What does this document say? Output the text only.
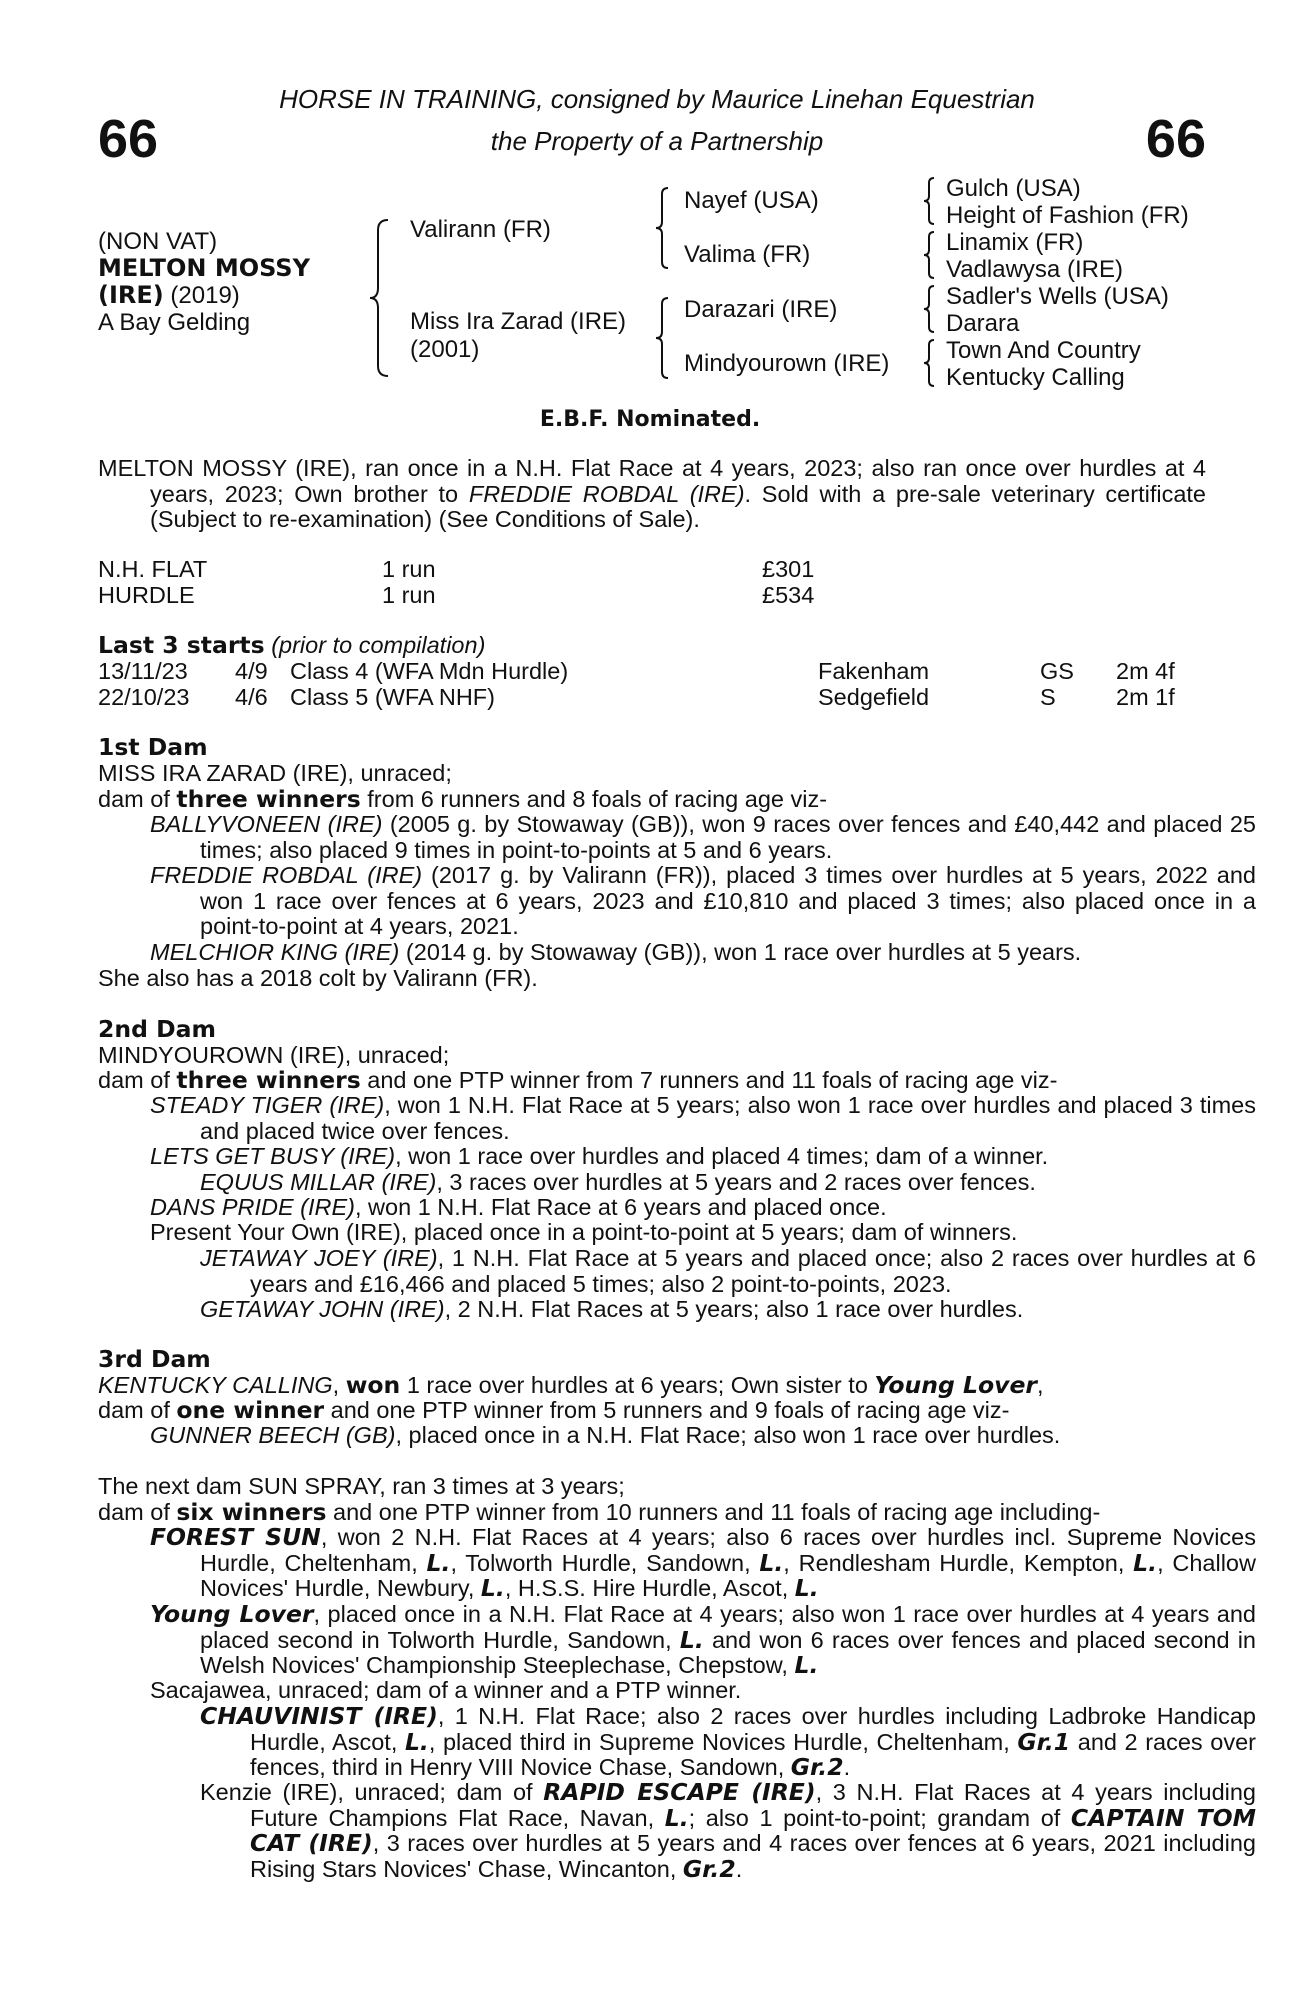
66	66
HORSE IN TRAINING, consigned by Maurice Linehan Equestrian
the Property of a Partnership
(NON VAT)
MELTON MOSSY
(IRE) (2019)
A Bay Gelding
Valirann (FR)
Miss Ira Zarad (IRE)
(2001)
Nayef (USA)
Valima (FR)
Darazari (IRE)
Mindyourown (IRE)
Gulch (USA)
Height of Fashion (FR)
Linamix (FR)
Vadlawysa (IRE)
Sadler's Wells (USA)
Darara
Town And Country
Kentucky Calling
E.B.F. Nominated.
MELTON MOSSY (IRE), ran once in a N.H. Flat Race at 4 years, 2023; also ran once over hurdles at 4 years, 2023; Own brother to FREDDIE ROBDAL (IRE). Sold with a pre-sale veterinary certificate (Subject to re-examination) (See Conditions of Sale).
N.H. FLAT	1 run	£301
HURDLE	1 run	£534
Last 3 starts (prior to compilation)
13/11/23 4/9 Class 4 (WFA Mdn Hurdle)	Fakenham	GS 2m 4f
22/10/23 4/6 Class 5 (WFA NHF)	Sedgefield	S	2m 1f
1st Dam
MISS IRA ZARAD (IRE), unraced;
dam of three winners from 6 runners and 8 foals of racing age viz-
BALLYVONEEN (IRE) (2005 g. by Stowaway (GB)), won 9 races over fences and £40,442 and placed 25 times; also placed 9 times in point-to-points at 5 and 6 years.
FREDDIE ROBDAL (IRE) (2017 g. by Valirann (FR)), placed 3 times over hurdles at 5 years, 2022 and won 1 race over fences at 6 years, 2023 and £10,810 and placed 3 times; also placed once in a point-to-point at 4 years, 2021.
MELCHIOR KING (IRE) (2014 g. by Stowaway (GB)), won 1 race over hurdles at 5 years.
She also has a 2018 colt by Valirann (FR).
2nd Dam
MINDYOUROWN (IRE), unraced;
dam of three winners and one PTP winner from 7 runners and 11 foals of racing age viz-
STEADY TIGER (IRE), won 1 N.H. Flat Race at 5 years; also won 1 race over hurdles and placed 3 times and placed twice over fences.
LETS GET BUSY (IRE), won 1 race over hurdles and placed 4 times; dam of a winner.
EQUUS MILLAR (IRE), 3 races over hurdles at 5 years and 2 races over fences.
DANS PRIDE (IRE), won 1 N.H. Flat Race at 6 years and placed once.
Present Your Own (IRE), placed once in a point-to-point at 5 years; dam of winners.
JETAWAY JOEY (IRE), 1 N.H. Flat Race at 5 years and placed once; also 2 races over hurdles at 6 years and £16,466 and placed 5 times; also 2 point-to-points, 2023.
GETAWAY JOHN (IRE), 2 N.H. Flat Races at 5 years; also 1 race over hurdles.
3rd Dam
KENTUCKY CALLING, won 1 race over hurdles at 6 years; Own sister to Young Lover,
dam of one winner and one PTP winner from 5 runners and 9 foals of racing age viz-
GUNNER BEECH (GB), placed once in a N.H. Flat Race; also won 1 race over hurdles.
The next dam SUN SPRAY, ran 3 times at 3 years;
dam of six winners and one PTP winner from 10 runners and 11 foals of racing age including-
FOREST SUN, won 2 N.H. Flat Races at 4 years; also 6 races over hurdles incl. Supreme Novices Hurdle, Cheltenham, L., Tolworth Hurdle, Sandown, L., Rendlesham Hurdle, Kempton, L., Challow Novices' Hurdle, Newbury, L., H.S.S. Hire Hurdle, Ascot, L.
Young Lover, placed once in a N.H. Flat Race at 4 years; also won 1 race over hurdles at 4 years and placed second in Tolworth Hurdle, Sandown, L. and won 6 races over fences and placed second in Welsh Novices' Championship Steeplechase, Chepstow, L.
Sacajawea, unraced; dam of a winner and a PTP winner.
CHAUVINIST (IRE), 1 N.H. Flat Race; also 2 races over hurdles including Ladbroke Handicap Hurdle, Ascot, L., placed third in Supreme Novices Hurdle, Cheltenham, Gr.1 and 2 races over fences, third in Henry VIII Novice Chase, Sandown, Gr.2.
Kenzie (IRE), unraced; dam of RAPID ESCAPE (IRE), 3 N.H. Flat Races at 4 years including Future Champions Flat Race, Navan, L.; also 1 point-to-point; grandam of CAPTAIN TOM CAT (IRE), 3 races over hurdles at 5 years and 4 races over fences at 6 years, 2021 including Rising Stars Novices' Chase, Wincanton, Gr.2.
